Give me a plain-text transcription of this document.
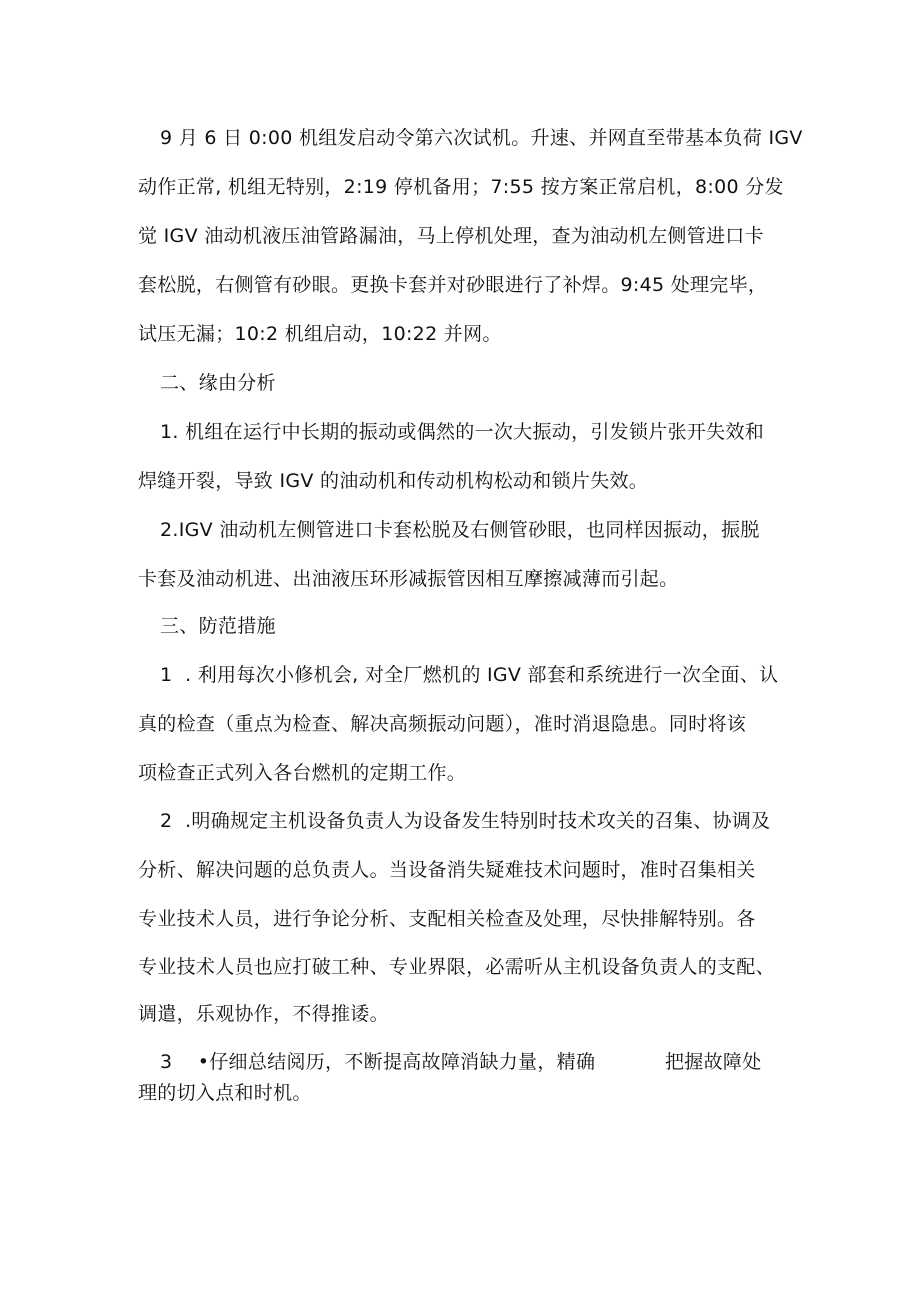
9 月 6 日 0:00 机组发启动令第六次试机。升速、并网直至带基本负荷 IGV
动作正常, 机组无特别，2:19 停机备用；7:55 按方案正常启机，8:00 分发
觉 IGV 油动机液压油管路漏油，马上停机处理，查为油动机左侧管进口卡
套松脱，右侧管有砂眼。更换卡套并对砂眼进行了补焊。9:45 处理完毕，
试压无漏；10:2 机组启动，10:22 并网。
二、缘由分析
1. 机组在运行中长期的振动或偶然的一次大振动，引发锁片张开失效和
焊缝开裂，导致 IGV 的油动机和传动机构松动和锁片失效。
2.IGV 油动机左侧管进口卡套松脱及右侧管砂眼，也同样因振动，振脱
卡套及油动机进、出油液压环形减振管因相互摩擦减薄而引起。
三、防范措施
1  . 利用每次小修机会, 对全厂燃机的 IGV 部套和系统进行一次全面、认
真的检查（重点为检查、解决高频振动问题），准时消退隐患。同时将该
项检查正式列入各台燃机的定期工作。
2  .明确规定主机设备负责人为设备发生特别时技术攻关的召集、协调及
分析、解决问题的总负责人。当设备消失疑难技术问题时，准时召集相关
专业技术人员，进行争论分析、支配相关检查及处理，尽快排解特别。各
专业技术人员也应打破工种、专业界限，必需听从主机设备负责人的支配、
调遣，乐观协作，不得推诿。
3    •仔细总结阅历，不断提高故障消缺力量，精确           把握故障处
理的切入点和时机。
